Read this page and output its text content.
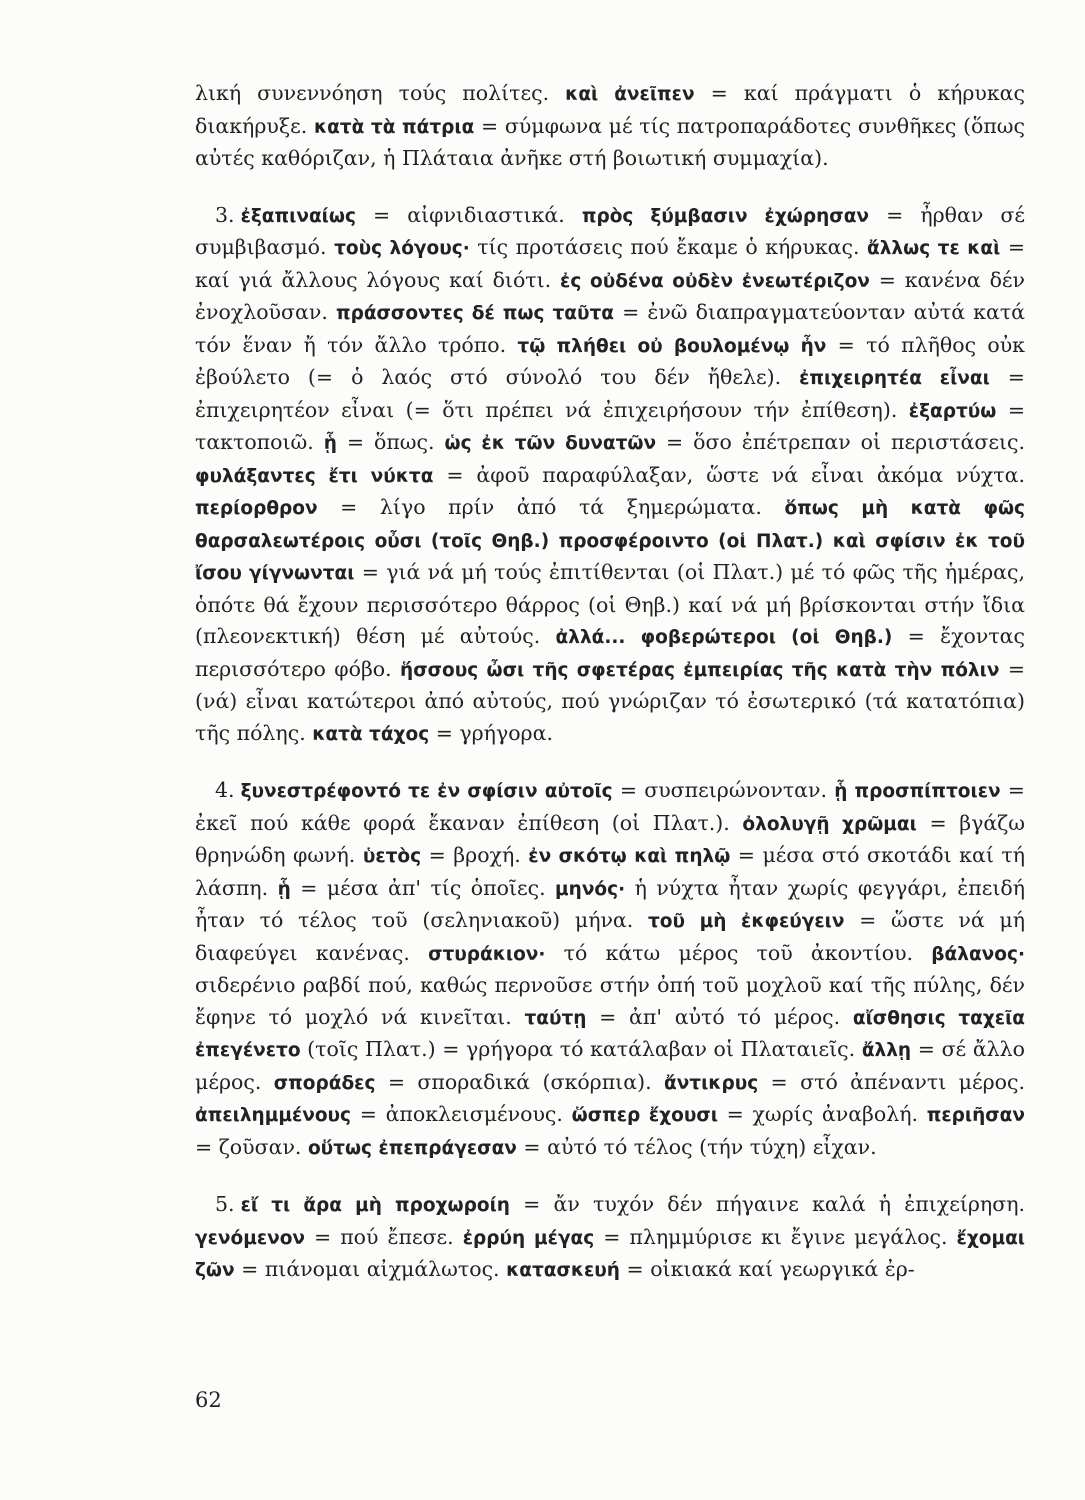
λική συνεννόηση τούς πολίτες. καὶ ἀνεῖπεν = καί πράγματι ὁ κήρυκας διακήρυξε. κατὰ τὰ πάτρια = σύμφωνα μέ τίς πατροπαράδοτες συνθῆκες (ὅπως αὐτές καθόριζαν, ἡ Πλάταια ἀνῆκε στή βοιωτική συμμαχία).

3. ἐξαπιναίως = αἰφνιδιαστικά. πρὸς ξύμβασιν ἐχώρησαν = ἦρθαν σέ συμβιβασμό. τοὺς λόγους· τίς προτάσεις πού ἔκαμε ὁ κήρυκας. ἄλλως τε καὶ = καί γιά ἄλλους λόγους καί διότι. ἐς οὐδένα οὐδὲν ἐνεωτέριζον = κανένα δέν ἐνοχλοῦσαν. πράσσοντες δέ πως ταῦτα = ἐνῶ διαπραγματεύονταν αὐτά κατά τόν ἕναν ἤ τόν ἄλλο τρόπο. τῷ πλήθει οὐ βουλομένῳ ἦν = τό πλῆθος οὐκ ἐβούλετο (= ὁ λαός στό σύνολό του δέν ἤθελε). ἐπιχειρητέα εἶναι = ἐπιχειρητέον εἶναι (= ὅτι πρέπει νά ἐπιχειρήσουν τήν ἐπίθεση). ἐξαρτύω = τακτοποιῶ. ᾗ = ὅπως. ὡς ἐκ τῶν δυνατῶν = ὅσο ἐπέτρεπαν οἱ περιστάσεις. φυλάξαντες ἔτι νύκτα = ἀφοῦ παραφύλαξαν, ὥστε νά εἶναι ἀκόμα νύχτα. περίορθρον = λίγο πρίν ἀπό τά ξημερώματα. ὅπως μὴ κατὰ φῶς θαρσαλεωτέροις οὖσι (τοῖς Θηβ.) προσφέροιντο (οἱ Πλατ.) καὶ σφίσιν ἐκ τοῦ ἴσου γίγνωνται = γιά νά μή τούς ἐπιτίθενται (οἱ Πλατ.) μέ τό φῶς τῆς ἡμέρας, ὁπότε θά ἔχουν περισσότερο θάρρος (οἱ Θηβ.) καί νά μή βρίσκονται στήν ἴδια (πλεονεκτική) θέση μέ αὐτούς. ἀλλά... φοβερώτεροι (οἱ Θηβ.) = ἔχοντας περισσότερο φόβο. ἥσσους ὦσι τῆς σφετέρας ἐμπειρίας τῆς κατὰ τὴν πόλιν = (νά) εἶναι κατώτεροι ἀπό αὐτούς, πού γνώριζαν τό ἐσωτερικό (τά κατατόπια) τῆς πόλης. κατὰ τάχος = γρήγορα.

4. ξυνεστρέφοντό τε ἐν σφίσιν αὐτοῖς = συσπειρώνονταν. ᾗ προσπίπτοιεν = ἐκεῖ πού κάθε φορά ἔκαναν ἐπίθεση (οἱ Πλατ.). ὀλολυγῇ χρῶμαι = βγάζω θρηνώδη φωνή. ὑετὸς = βροχή. ἐν σκότῳ καὶ πηλῷ = μέσα στό σκοτάδι καί τή λάσπη. ᾗ = μέσα ἀπ' τίς ὁποῖες. μηνός· ἡ νύχτα ἦταν χωρίς φεγγάρι, ἐπειδή ἦταν τό τέλος τοῦ (σεληνιακοῦ) μήνα. τοῦ μὴ ἐκφεύγειν = ὥστε νά μή διαφεύγει κανένας. στυράκιον· τό κάτω μέρος τοῦ ἀκοντίου. βάλανος· σιδερένιο ραβδί πού, καθώς περνοῦσε στήν ὀπή τοῦ μοχλοῦ καί τῆς πύλης, δέν ἔφηνε τό μοχλό νά κινεῖται. ταύτῃ = ἀπ' αὐτό τό μέρος. αἴσθησις ταχεῖα ἐπεγένετο (τοῖς Πλατ.) = γρήγορα τό κατάλαβαν οἱ Πλαταιεῖς. ἄλλῃ = σέ ἄλλο μέρος. σποράδες = σποραδικά (σκόρπια). ἄντικρυς = στό ἀπέναντι μέρος. ἀπειλημμένους = ἀποκλεισμένους. ὥσπερ ἔχουσι = χωρίς ἀναβολή. περιῆσαν = ζοῦσαν. οὕτως ἐπεπράγεσαν = αὐτό τό τέλος (τήν τύχη) εἶχαν.

5. εἴ τι ἄρα μὴ προχωροίη = ἄν τυχόν δέν πήγαινε καλά ἡ ἐπιχείρηση. γενόμενον = πού ἔπεσε. ἐρρύη μέγας = πλημμύρισε κι ἔγινε μεγάλος. ἔχομαι ζῶν = πιάνομαι αἰχμάλωτος. κατασκευή = οἰκιακά καί γεωργικά ἐρ-

62
